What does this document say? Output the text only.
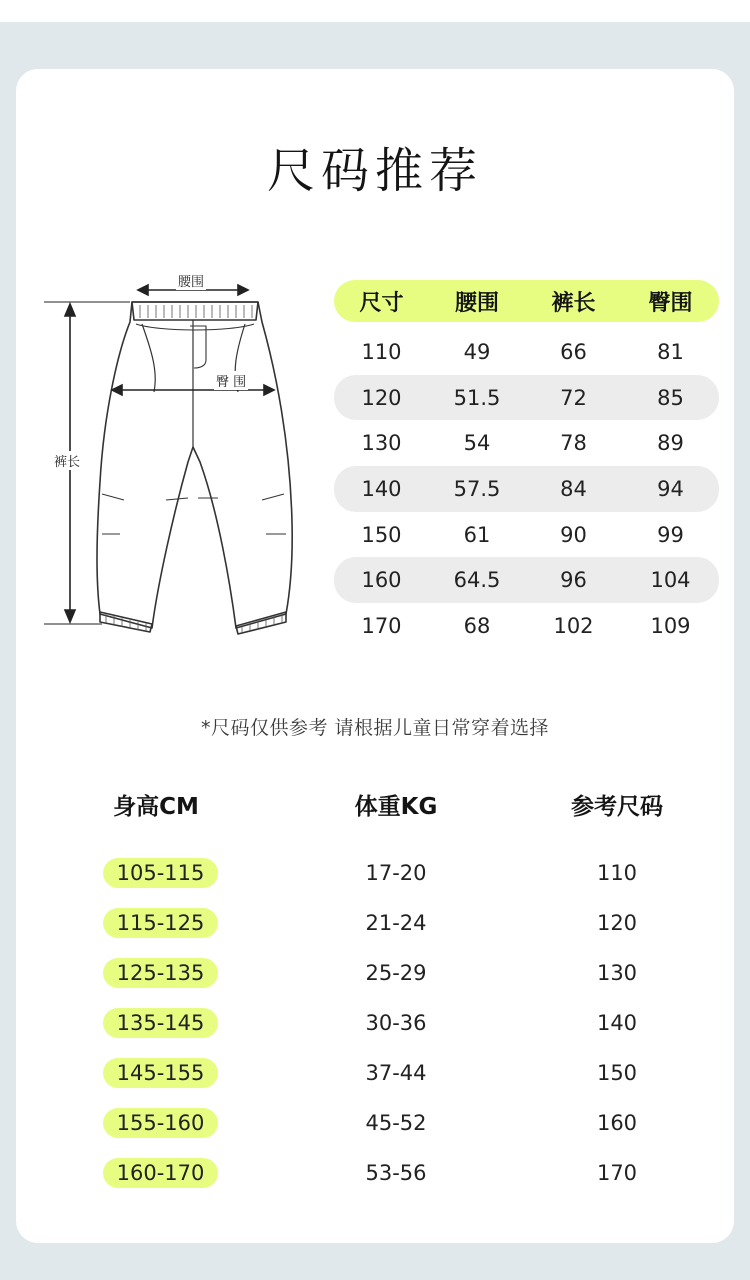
尺码推荐
腰围
臀 围
裤长
尺寸	腰围	裤长	臀围
110	49	66	81
120	51.5	72	85
130	54	78	89
140	57.5	84	94
150	61	90	99
160	64.5	96	104
170	68	102	109

*尺码仅供参考 请根据儿童日常穿着选择

身高CM	体重KG	参考尺码
105-115	17-20	110
115-125	21-24	120
125-135	25-29	130
135-145	30-36	140
145-155	37-44	150
155-160	45-52	160
160-170	53-56	170
